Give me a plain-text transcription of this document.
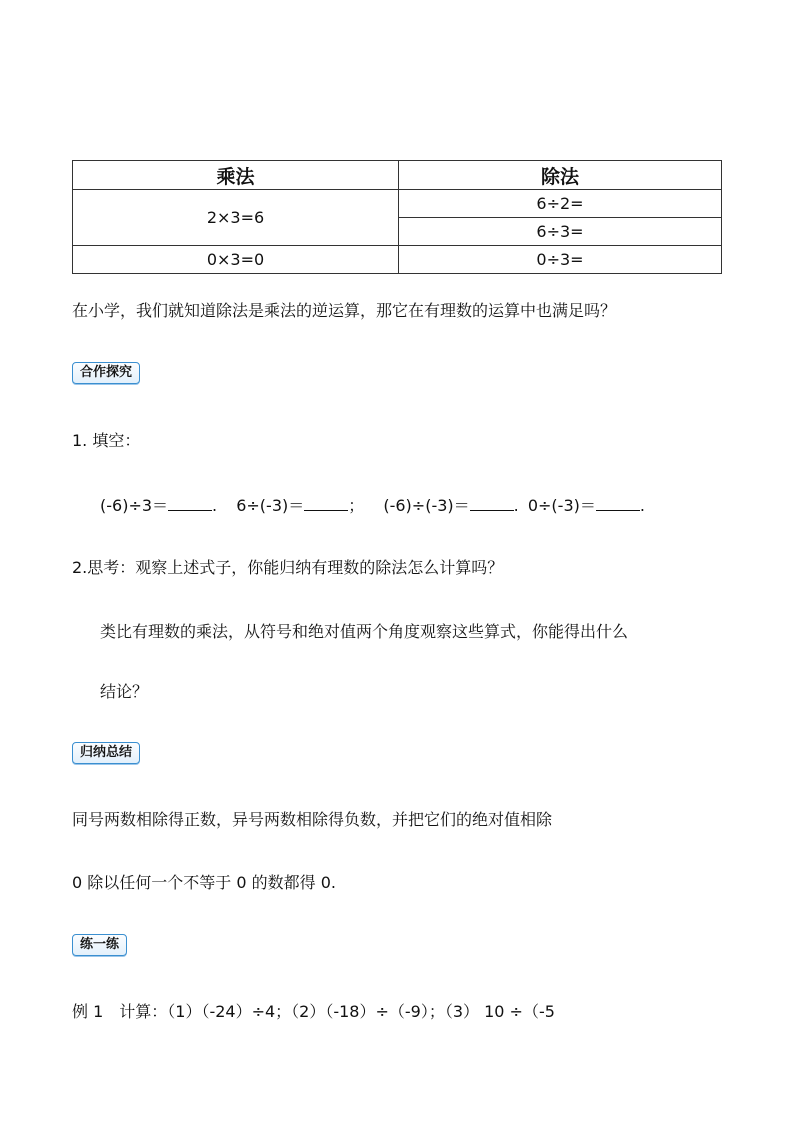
乘法	除法
2×3=6	6÷2=
	6÷3=
0×3=0	0÷3=
在小学，我们就知道除法是乘法的逆运算，那它在有理数的运算中也满足吗？
合作探究
1. 填空：
(-6)÷3＝	. 6÷(-3)＝	； (-6)÷(-3)＝	. 0÷(-3)＝	.
2.思考：观察上述式子，你能归纳有理数的除法怎么计算吗？
类比有理数的乘法，从符号和绝对值两个角度观察这些算式，你能得出什么
结论？
归纳总结
同号两数相除得正数，异号两数相除得负数，并把它们的绝对值相除
0 除以任何一个不等于 0 的数都得 0.
练一练
例 1　计算：（1）（-24）÷4；（2）（-18）÷（-9）；（3） 10 ÷（-5
